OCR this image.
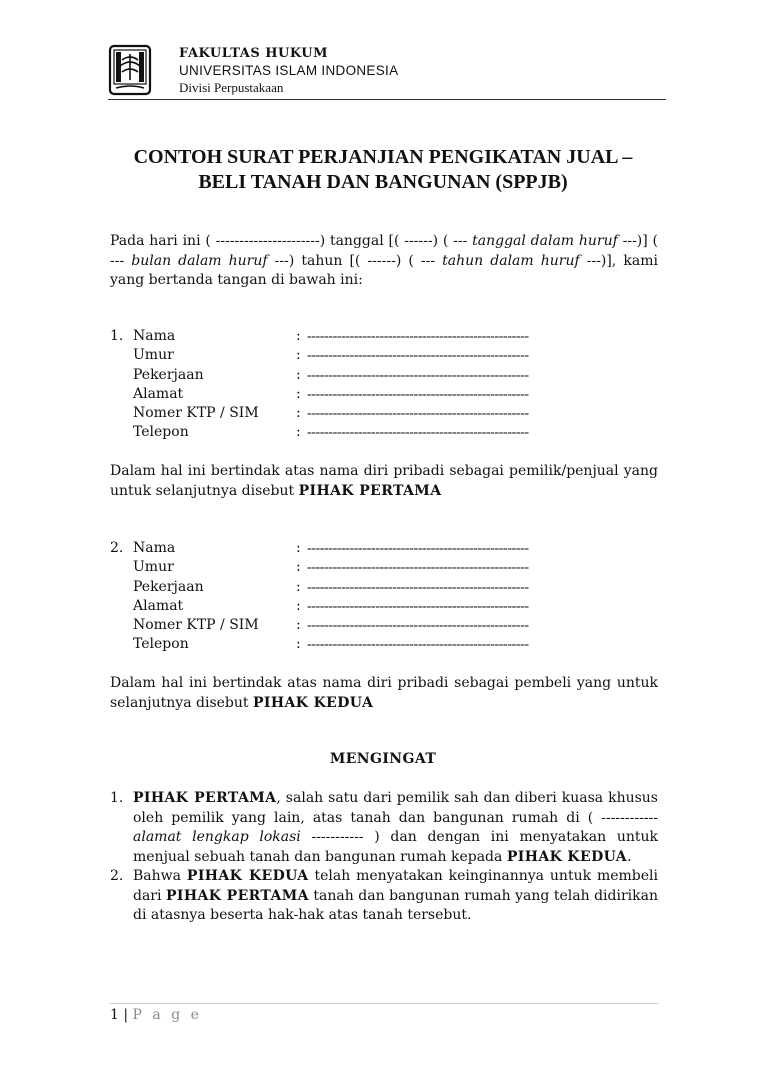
FAKULTAS HUKUM
UNIVERSITAS ISLAM INDONESIA
Divisi Perpustakaan
CONTOH SURAT PERJANJIAN PENGIKATAN JUAL –
BELI TANAH DAN BANGUNAN (SPPJB)
Pada hari ini ( ----------------------) tanggal [( ------) ( --- tanggal dalam huruf ---)] ( --- bulan dalam huruf ---) tahun [( ------) ( --- tahun dalam huruf ---)], kami yang bertanda tangan di bawah ini:
1. Nama	: ----------------------------------------------------
Umur	: ----------------------------------------------------
Pekerjaan	: ----------------------------------------------------
Alamat	: ----------------------------------------------------
Nomer KTP / SIM	: ----------------------------------------------------
Telepon	: ----------------------------------------------------
Dalam hal ini bertindak atas nama diri pribadi sebagai pemilik/penjual yang untuk selanjutnya disebut PIHAK PERTAMA
2. Nama	: ----------------------------------------------------
Umur	: ----------------------------------------------------
Pekerjaan	: ----------------------------------------------------
Alamat	: ----------------------------------------------------
Nomer KTP / SIM	: ----------------------------------------------------
Telepon	: ----------------------------------------------------
Dalam hal ini bertindak atas nama diri pribadi sebagai pembeli yang untuk selanjutnya disebut PIHAK KEDUA
MENGINGAT
1. PIHAK PERTAMA, salah satu dari pemilik sah dan diberi kuasa khusus oleh pemilik yang lain, atas tanah dan bangunan rumah di ( ------------ alamat lengkap lokasi ----------- ) dan dengan ini menyatakan untuk menjual sebuah tanah dan bangunan rumah kepada PIHAK KEDUA.
2. Bahwa PIHAK KEDUA telah menyatakan keinginannya untuk membeli dari PIHAK PERTAMA tanah dan bangunan rumah yang telah didirikan di atasnya beserta hak-hak atas tanah tersebut.
1 | P a g e
